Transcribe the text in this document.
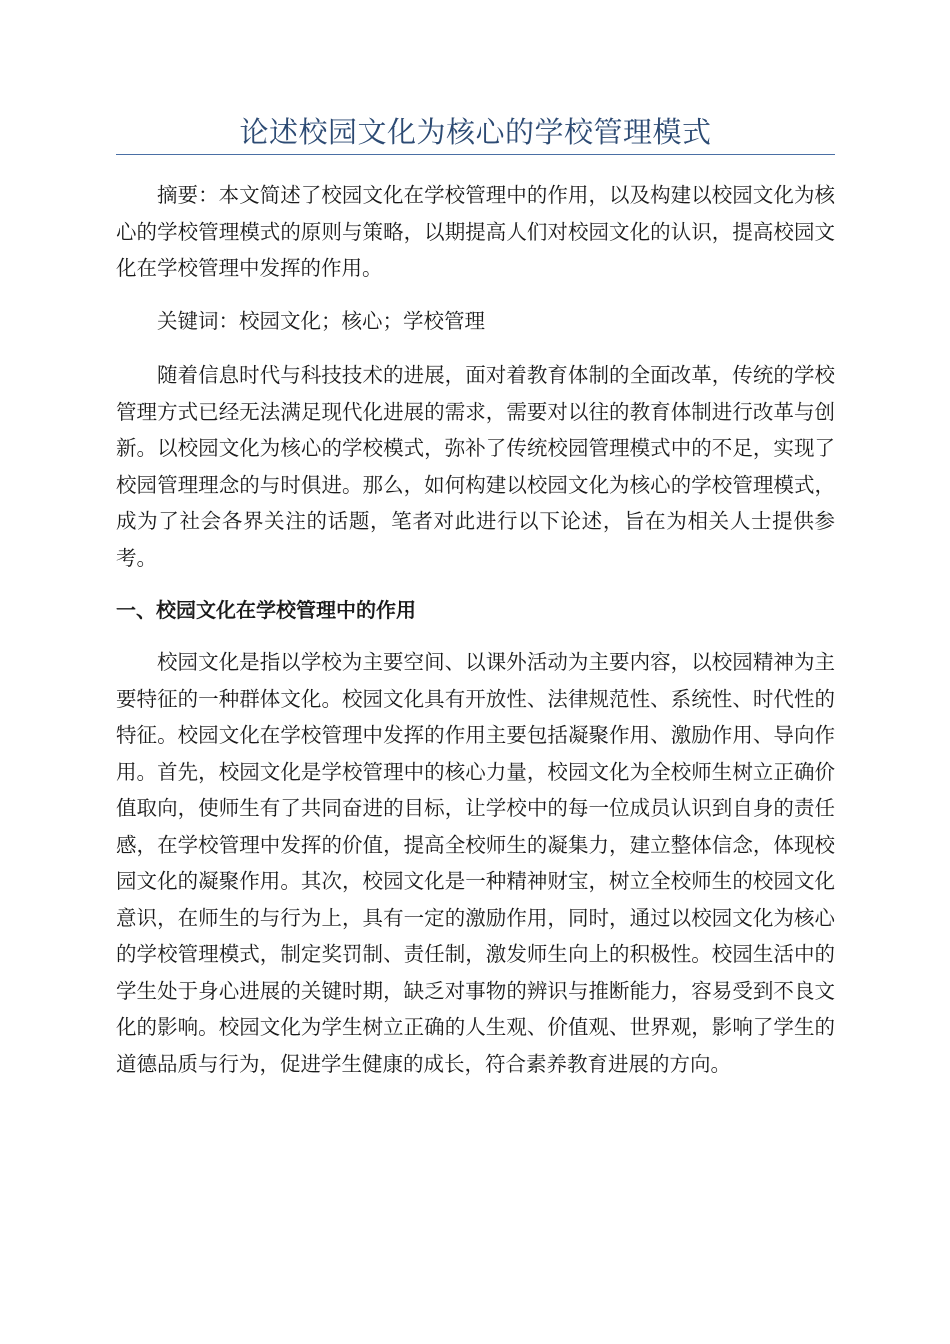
论述校园文化为核心的学校管理模式

摘要：本文简述了校园文化在学校管理中的作用，以及构建以校园文化为核心的学校管理模式的原则与策略，以期提高人们对校园文化的认识，提高校园文化在学校管理中发挥的作用。

关键词：校园文化；核心；学校管理

随着信息时代与科技技术的进展，面对着教育体制的全面改革，传统的学校管理方式已经无法满足现代化进展的需求，需要对以往的教育体制进行改革与创新。以校园文化为核心的学校模式，弥补了传统校园管理模式中的不足，实现了校园管理理念的与时俱进。那么，如何构建以校园文化为核心的学校管理模式，成为了社会各界关注的话题，笔者对此进行以下论述，旨在为相关人士提供参考。

一、校园文化在学校管理中的作用

校园文化是指以学校为主要空间、以课外活动为主要内容，以校园精神为主要特征的一种群体文化。校园文化具有开放性、法律规范性、系统性、时代性的特征。校园文化在学校管理中发挥的作用主要包括凝聚作用、激励作用、导向作用。首先，校园文化是学校管理中的核心力量，校园文化为全校师生树立正确价值取向，使师生有了共同奋进的目标，让学校中的每一位成员认识到自身的责任感，在学校管理中发挥的价值，提高全校师生的凝集力，建立整体信念，体现校园文化的凝聚作用。其次，校园文化是一种精神财宝，树立全校师生的校园文化意识，在师生的与行为上，具有一定的激励作用，同时，通过以校园文化为核心的学校管理模式，制定奖罚制、责任制，激发师生向上的积极性。校园生活中的学生处于身心进展的关键时期，缺乏对事物的辨识与推断能力，容易受到不良文化的影响。校园文化为学生树立正确的人生观、价值观、世界观，影响了学生的道德品质与行为，促进学生健康的成长，符合素养教育进展的方向。
